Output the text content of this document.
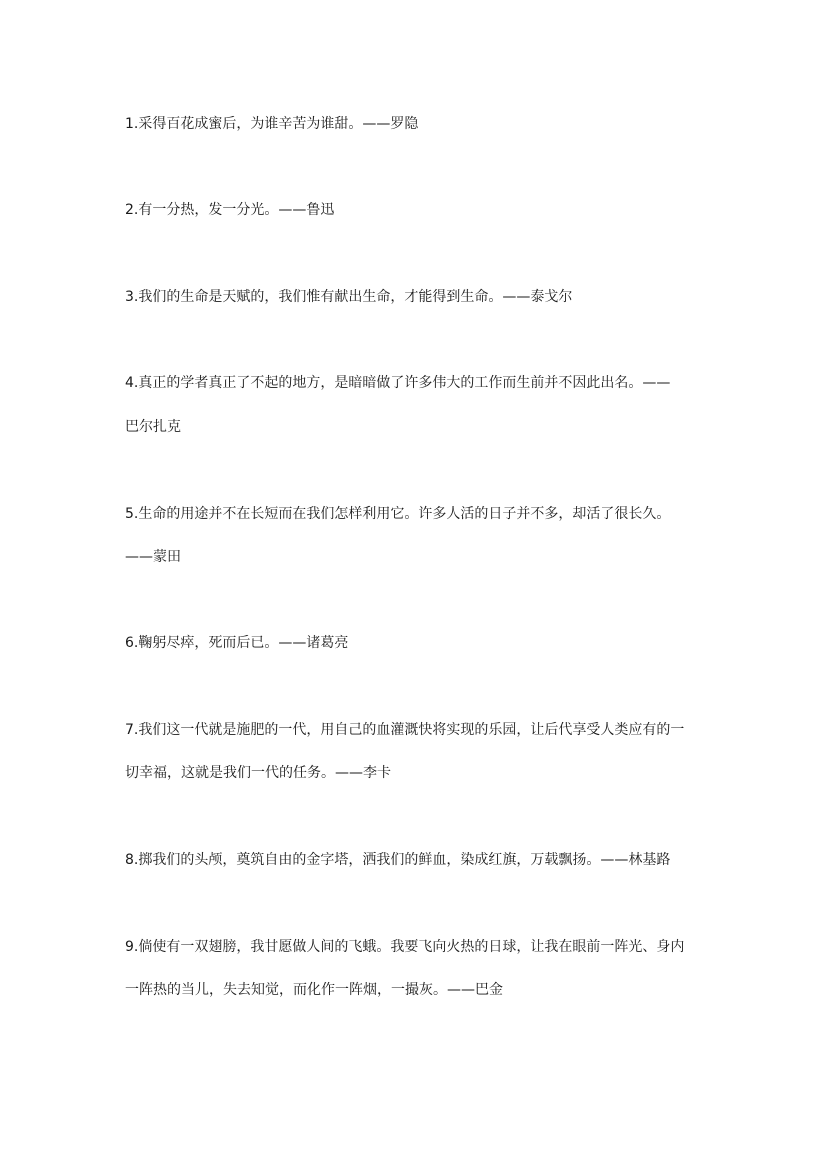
1.采得百花成蜜后，为谁辛苦为谁甜。——罗隐
2.有一分热，发一分光。——鲁迅
3.我们的生命是天赋的，我们惟有献出生命，才能得到生命。——泰戈尔
4.真正的学者真正了不起的地方，是暗暗做了许多伟大的工作而生前并不因此出名。——
巴尔扎克
5.生命的用途并不在长短而在我们怎样利用它。许多人活的日子并不多，却活了很长久。
——蒙田
6.鞠躬尽瘁，死而后已。——诸葛亮
7.我们这一代就是施肥的一代，用自己的血灌溉快将实现的乐园，让后代享受人类应有的一
切幸福，这就是我们一代的任务。——李卡
8.掷我们的头颅，奠筑自由的金字塔，洒我们的鲜血，染成红旗，万载飘扬。——林基路
9.倘使有一双翅膀，我甘愿做人间的飞蛾。我要飞向火热的日球，让我在眼前一阵光、身内
一阵热的当儿，失去知觉，而化作一阵烟，一撮灰。——巴金
